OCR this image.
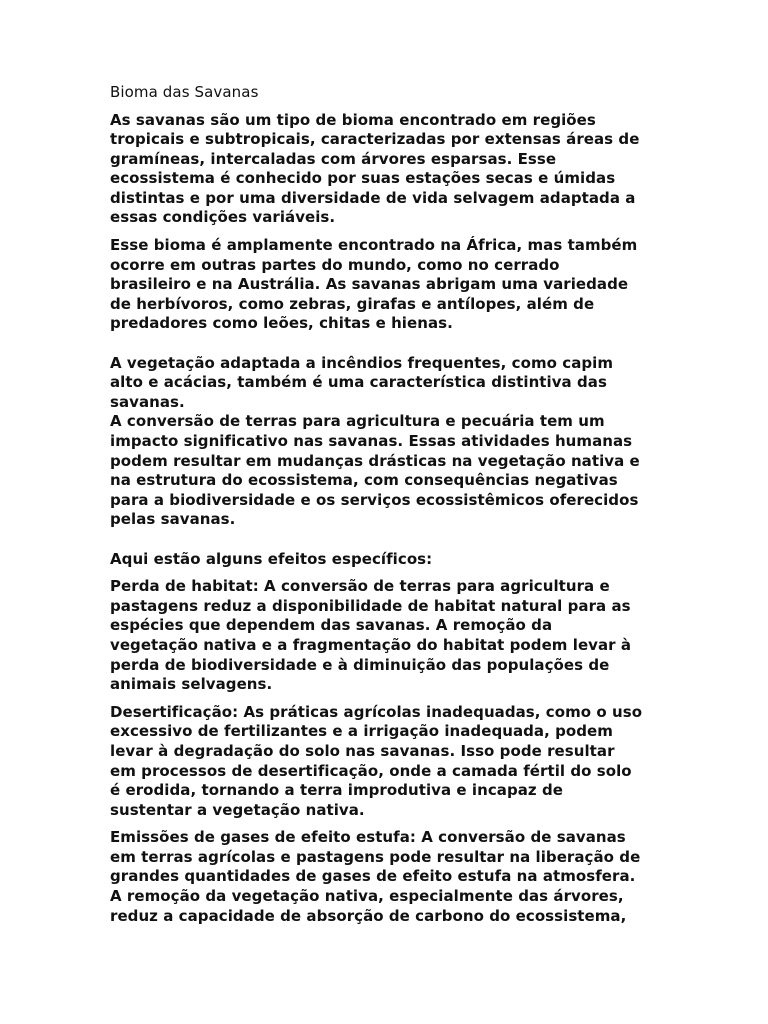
Bioma das Savanas
As savanas são um tipo de bioma encontrado em regiões
tropicais e subtropicais, caracterizadas por extensas áreas de
gramíneas, intercaladas com árvores esparsas. Esse
ecossistema é conhecido por suas estações secas e úmidas
distintas e por uma diversidade de vida selvagem adaptada a
essas condições variáveis.
Esse bioma é amplamente encontrado na África, mas também
ocorre em outras partes do mundo, como no cerrado
brasileiro e na Austrália. As savanas abrigam uma variedade
de herbívoros, como zebras, girafas e antílopes, além de
predadores como leões, chitas e hienas.
A vegetação adaptada a incêndios frequentes, como capim
alto e acácias, também é uma característica distintiva das
savanas.
A conversão de terras para agricultura e pecuária tem um
impacto significativo nas savanas. Essas atividades humanas
podem resultar em mudanças drásticas na vegetação nativa e
na estrutura do ecossistema, com consequências negativas
para a biodiversidade e os serviços ecossistêmicos oferecidos
pelas savanas.
Aqui estão alguns efeitos específicos:
Perda de habitat: A conversão de terras para agricultura e
pastagens reduz a disponibilidade de habitat natural para as
espécies que dependem das savanas. A remoção da
vegetação nativa e a fragmentação do habitat podem levar à
perda de biodiversidade e à diminuição das populações de
animais selvagens.
Desertificação: As práticas agrícolas inadequadas, como o uso
excessivo de fertilizantes e a irrigação inadequada, podem
levar à degradação do solo nas savanas. Isso pode resultar
em processos de desertificação, onde a camada fértil do solo
é erodida, tornando a terra improdutiva e incapaz de
sustentar a vegetação nativa.
Emissões de gases de efeito estufa: A conversão de savanas
em terras agrícolas e pastagens pode resultar na liberação de
grandes quantidades de gases de efeito estufa na atmosfera.
A remoção da vegetação nativa, especialmente das árvores,
reduz a capacidade de absorção de carbono do ecossistema,
